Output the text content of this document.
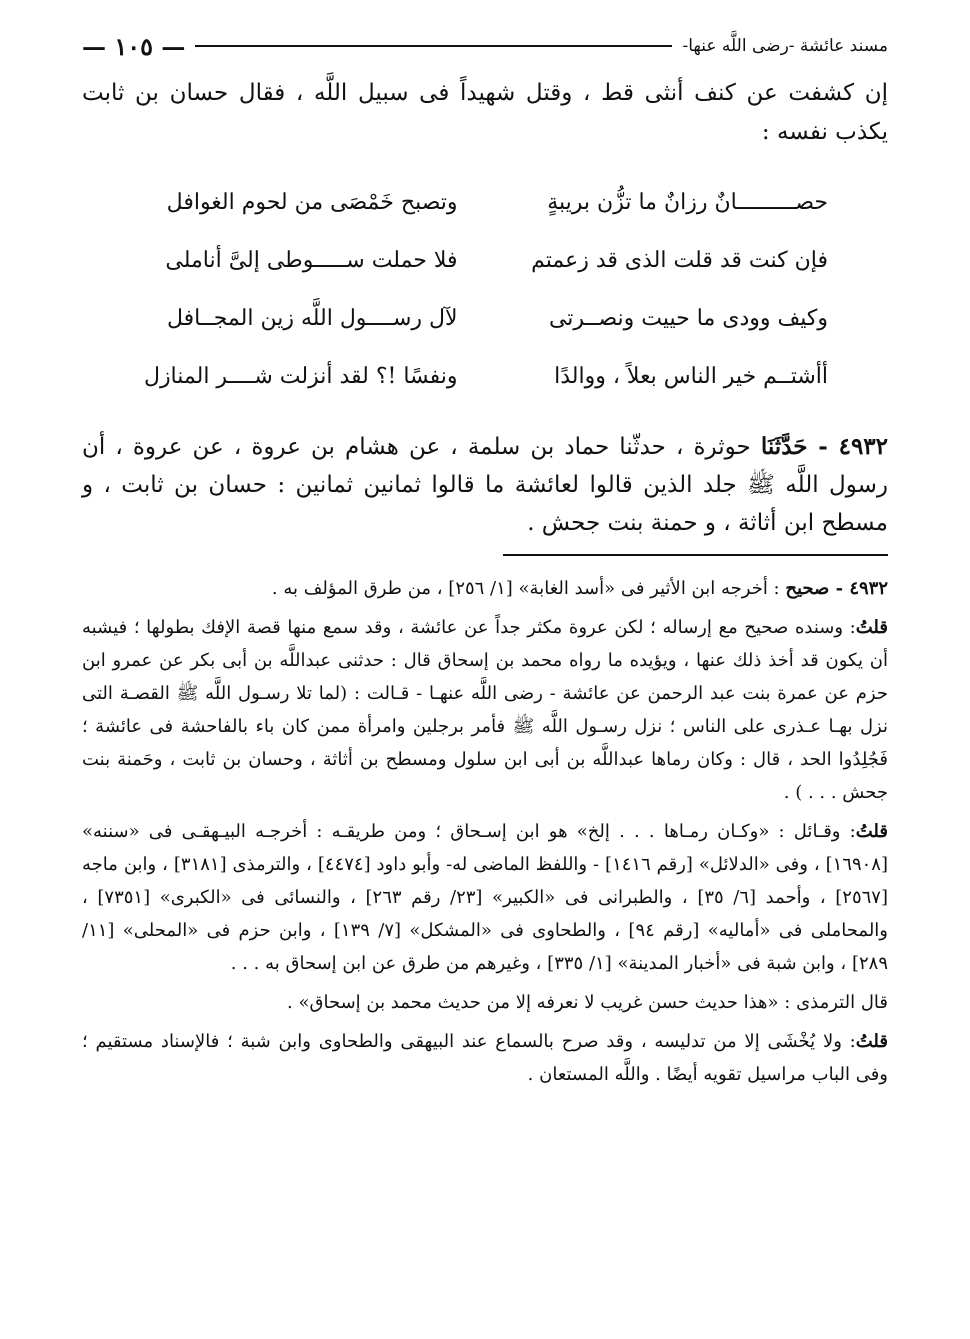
مسند عائشة -رضى اللَّه عنها-
— ١٠٥ —

إن كشفت عن كنف أنثى قط ، وقتل شهيداً فى سبيل اللَّه ، فقال حسان بن ثابت يكذب نفسه :

حصـــــــــانٌ رزانٌ ما تزُّن بريبةٍ
وتصبح خَمْصَى من لحوم الغوافل
فإن كنت قد قلت الذى قد زعمتم
فلا حملت ســـــوطى إلىَّ أناملى
وكيف وودى ما حييت ونصــرتى
لآل رســــول اللَّه زين المجــافل
أأشتــم خير الناس بعلاً ، ووالدًا
ونفسًا !؟ لقد أنزلت شــــر المنازل

٤٩٣٢ - حَدَّثَنَا حوثرة ، حدثّنا حماد بن سلمة ، عن هشام بن عروة ، عن عروة ، أن رسول اللَّه ﷺ جلد الذين قالوا لعائشة ما قالوا ثمانين ثمانين : حسان بن ثابت ، و مسطح ابن أثاثة ، و حمنة بنت جحش .

٤٩٣٢ - صحيح : أخرجه ابن الأثير فى «أسد الغابة» [١/ ٢٥٦] ، من طرق المؤلف به .

قلتُ: وسنده صحيح مع إرساله ؛ لكن عروة مكثر جداً عن عائشة ، وقد سمع منها قصة الإفك بطولها ؛ فيشبه أن يكون قد أخذ ذلك عنها ، ويؤيده ما رواه محمد بن إسحاق قال : حدثنى عبداللَّه بن أبى بكر عن عمرو ابن حزم عن عمرة بنت عبد الرحمن عن عائشة - رضى اللَّه عنهـا - قـالت : (لما تلا رسـول اللَّه ﷺ القصـة التى نزل بهـا عـذرى على الناس ؛ نزل رسـول اللَّه ﷺ فأمر برجلين وامرأة ممن كان باء بالفاحشة فى عائشة ؛ فَجُلِدُوا الحد ، قال : وكان رماها عبداللَّه بن أبى ابن سلول ومسطح بن أثاثة ، وحسان بن ثابت ، وحَمنة بنت جحش . . . ) .

قلتُ: وقـائل : «وكـان رمـاها . . . إلخ» هو ابن إسـحاق ؛ ومن طريقـه : أخرجـه البيـهقـى فى «سننه» [١٦٩٠٨] ، وفى «الدلائل» [رقم ١٤١٦] - واللفظ الماضى له- وأبو داود [٤٤٧٤] ، والترمذى [٣١٨١] ، وابن ماجه [٢٥٦٧] ، وأحمد [٦/ ٣٥] ، والطبرانى فى «الكبير» [٢٣/ رقم ٢٦٣] ، والنسائى فى «الكبرى» [٧٣٥١] ، والمحاملى فى «أماليه» [رقم ٩٤] ، والطحاوى فى «المشكل» [٧/ ١٣٩] ، وابن حزم فى «المحلى» [١١/ ٢٨٩] ، وابن شبة فى «أخبار المدينة» [١/ ٣٣٥] ، وغيرهم من طرق عن ابن إسحاق به . . .

قال الترمذى : «هذا حديث حسن غريب لا نعرفه إلا من حديث محمد بن إسحاق» .

قلتُ: ولا يُخْشَى إلا من تدليسه ، وقد صرح بالسماع عند البيهقى والطحاوى وابن شبة ؛ فالإسناد مستقيم ؛ وفى الباب مراسيل تقويه أيضًا . واللَّه المستعان .
